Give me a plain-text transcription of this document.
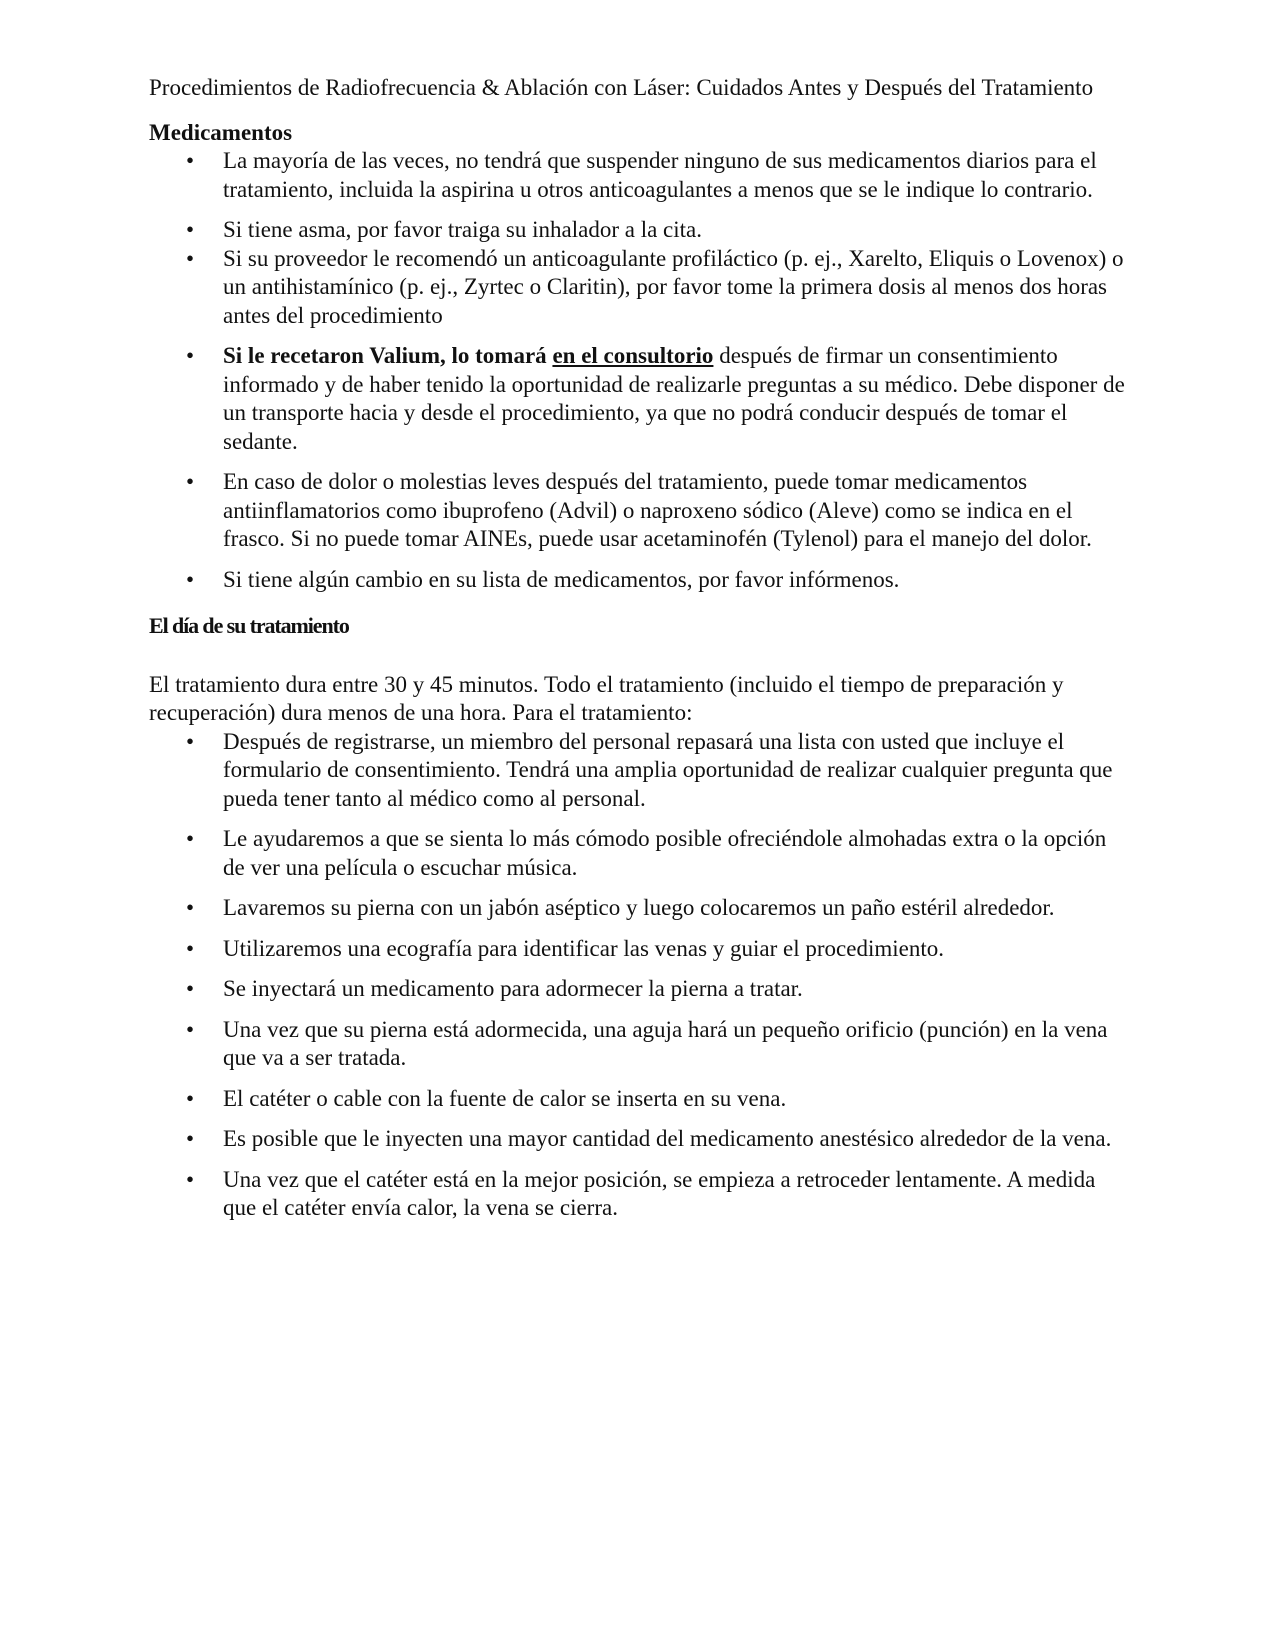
Procedimientos de Radiofrecuencia & Ablación con Láser: Cuidados Antes y Después del Tratamiento

Medicamentos

• La mayoría de las veces, no tendrá que suspender ninguno de sus medicamentos diarios para el tratamiento, incluida la aspirina u otros anticoagulantes a menos que se le indique lo contrario.
• Si tiene asma, por favor traiga su inhalador a la cita.
• Si su proveedor le recomendó un anticoagulante profiláctico (p. ej., Xarelto, Eliquis o Lovenox) o un antihistamínico (p. ej., Zyrtec o Claritin), por favor tome la primera dosis al menos dos horas antes del procedimiento
• Si le recetaron Valium, lo tomará en el consultorio después de firmar un consentimiento informado y de haber tenido la oportunidad de realizarle preguntas a su médico. Debe disponer de un transporte hacia y desde el procedimiento, ya que no podrá conducir después de tomar el sedante.
• En caso de dolor o molestias leves después del tratamiento, puede tomar medicamentos antiinflamatorios como ibuprofeno (Advil) o naproxeno sódico (Aleve) como se indica en el frasco. Si no puede tomar AINEs, puede usar acetaminofén (Tylenol) para el manejo del dolor.
• Si tiene algún cambio en su lista de medicamentos, por favor infórmenos.

El día de su tratamiento

El tratamiento dura entre 30 y 45 minutos. Todo el tratamiento (incluido el tiempo de preparación y recuperación) dura menos de una hora. Para el tratamiento:

• Después de registrarse, un miembro del personal repasará una lista con usted que incluye el formulario de consentimiento. Tendrá una amplia oportunidad de realizar cualquier pregunta que pueda tener tanto al médico como al personal.
• Le ayudaremos a que se sienta lo más cómodo posible ofreciéndole almohadas extra o la opción de ver una película o escuchar música.
• Lavaremos su pierna con un jabón aséptico y luego colocaremos un paño estéril alrededor.
• Utilizaremos una ecografía para identificar las venas y guiar el procedimiento.
• Se inyectará un medicamento para adormecer la pierna a tratar.
• Una vez que su pierna está adormecida, una aguja hará un pequeño orificio (punción) en la vena que va a ser tratada.
• El catéter o cable con la fuente de calor se inserta en su vena.
• Es posible que le inyecten una mayor cantidad del medicamento anestésico alrededor de la vena.
• Una vez que el catéter está en la mejor posición, se empieza a retroceder lentamente. A medida que el catéter envía calor, la vena se cierra.
